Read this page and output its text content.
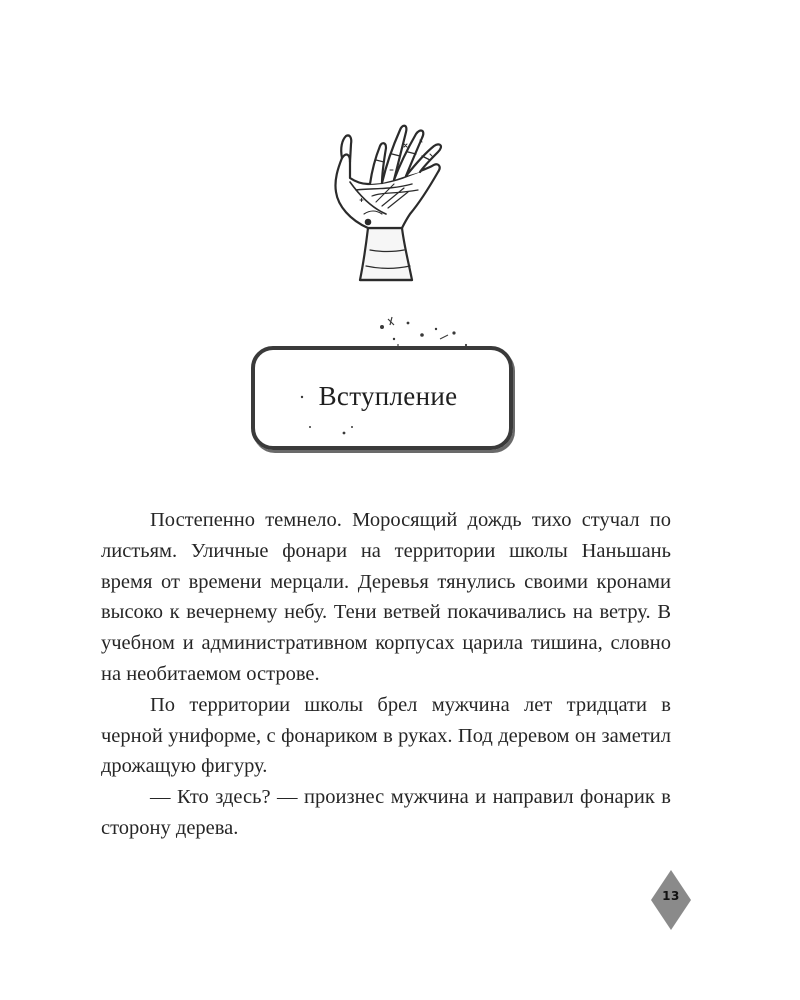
Вступление

Постепенно темнело. Моросящий дождь тихо стучал по листьям. Уличные фонари на территории школы Наньшань время от времени мерцали. Деревья тянулись своими кронами высоко к вечернему небу. Тени ветвей покачивались на ветру. В учебном и административном корпусах царила тишина, словно на необитаемом острове.

По территории школы брел мужчина лет тридцати в черной униформе, с фонариком в руках. Под деревом он заметил дрожащую фигуру.

— Кто здесь? — произнес мужчина и направил фонарик в сторону дерева.

13
